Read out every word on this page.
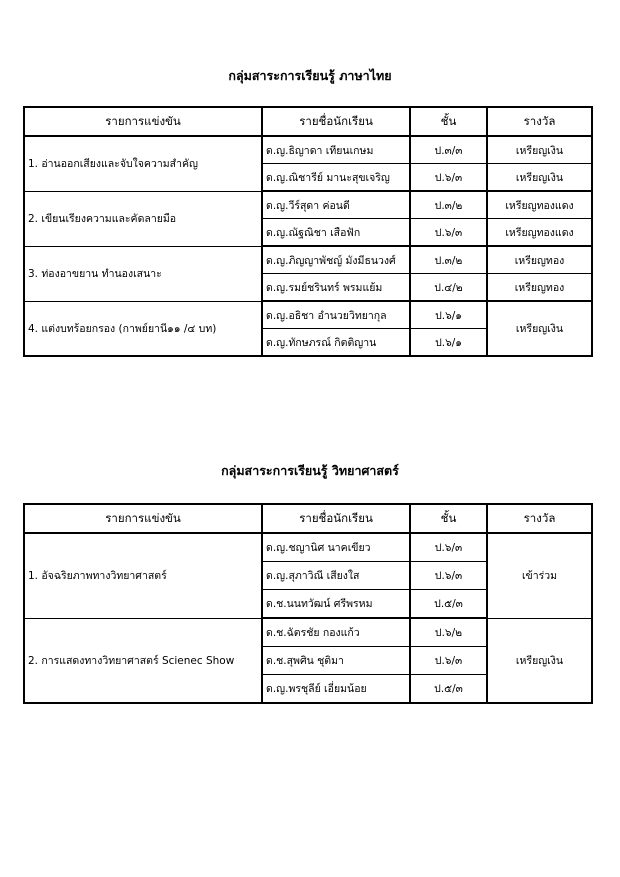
กลุ่มสาระการเรียนรู้ ภาษาไทย
รายการแข่งขัน	รายชื่อนักเรียน	ชั้น	รางวัล
1. อ่านออกเสียงและจับใจความสำคัญ	ด.ญ.ธิญาดา เทียนเกษม	ป.๓/๓	เหรียญเงิน
	ด.ญ.ณิชารีย์ มานะสุขเจริญ	ป.๖/๓	เหรียญเงิน
2. เขียนเรียงความและคัดลายมือ	ด.ญ.วีร์สุดา ค่อนดี	ป.๓/๒	เหรียญทองแดง
	ด.ญ.ณัฐณิชา เสือฟัก	ป.๖/๓	เหรียญทองแดง
3. ท่องอาขยาน ทำนองเสนาะ	ด.ญ.ภิญญาพัชญ์ มังมีธนวงศ์	ป.๓/๒	เหรียญทอง
	ด.ญ.รมย์ชรินทร์ พรมแย้ม	ป.๔/๒	เหรียญทอง
4. แต่งบทร้อยกรอง (กาพย์ยานี๑๑ /๔ บท)	ด.ญ.อธิชา อำนวยวิทยากุล	ป.๖/๑	เหรียญเงิน
	ด.ญ.ทักษภรณ์ กิตติญาน	ป.๖/๑	
กลุ่มสาระการเรียนรู้ วิทยาศาสตร์
รายการแข่งขัน	รายชื่อนักเรียน	ชั้น	รางวัล
1. อัจฉริยภาพทางวิทยาศาสตร์	ด.ญ.ชญานิศ นาคเขียว	ป.๖/๓	เข้าร่วม
	ด.ญ.สุภาวิณี เสียงใส	ป.๖/๓	
	ด.ช.นนทวัฒน์ ศรีพรหม	ป.๕/๓	
2. การแสดงทางวิทยาศาสตร์ Scienec Show	ด.ช.ฉัตรชัย กองแก้ว	ป.๖/๒	เหรียญเงิน
	ด.ช.สุพศิน ชุติมา	ป.๖/๓	
	ด.ญ.พรชุลีย์ เอี่ยมน้อย	ป.๕/๓	
